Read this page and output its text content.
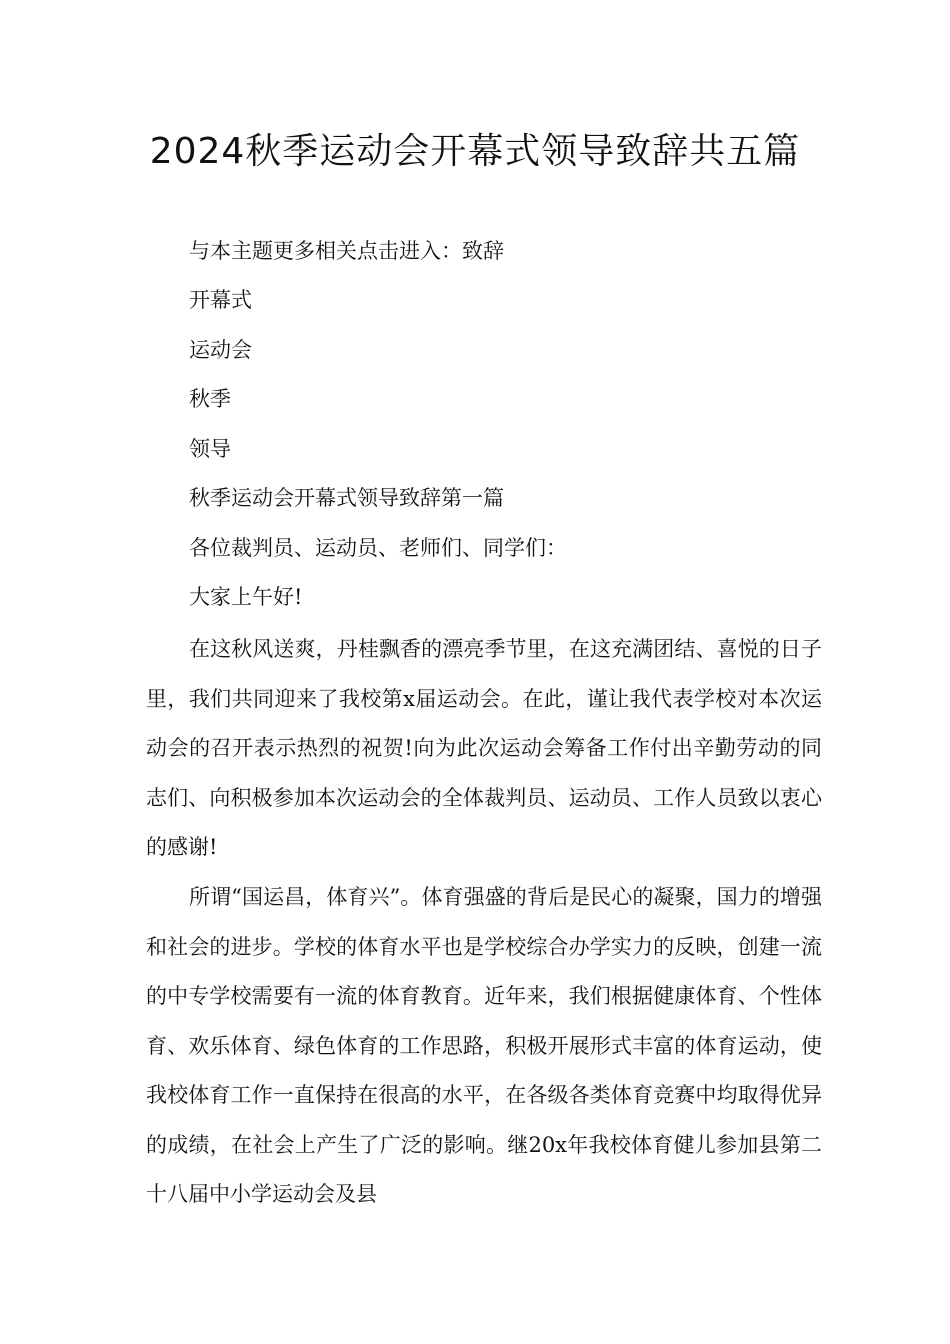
2024秋季运动会开幕式领导致辞共五篇
与本主题更多相关点击进入：致辞
开幕式
运动会
秋季
领导
秋季运动会开幕式领导致辞第一篇
各位裁判员、运动员、老师们、同学们：
大家上午好!

在这秋风送爽，丹桂飘香的漂亮季节里，在这充满团结、喜悦的日子里，我们共同迎来了我校第x届运动会。在此，谨让我代表学校对本次运动会的召开表示热烈的祝贺!向为此次运动会筹备工作付出辛勤劳动的同志们、向积极参加本次运动会的全体裁判员、运动员、工作人员致以衷心的感谢!

所谓“国运昌，体育兴”。体育强盛的背后是民心的凝聚，国力的增强和社会的进步。学校的体育水平也是学校综合办学实力的反映，创建一流的中专学校需要有一流的体育教育。近年来，我们根据健康体育、个性体育、欢乐体育、绿色体育的工作思路，积极开展形式丰富的体育运动，使我校体育工作一直保持在很高的水平，在各级各类体育竞赛中均取得优异的成绩，在社会上产生了广泛的影响。继20x年我校体育健儿参加县第二十八届中小学运动会及县
